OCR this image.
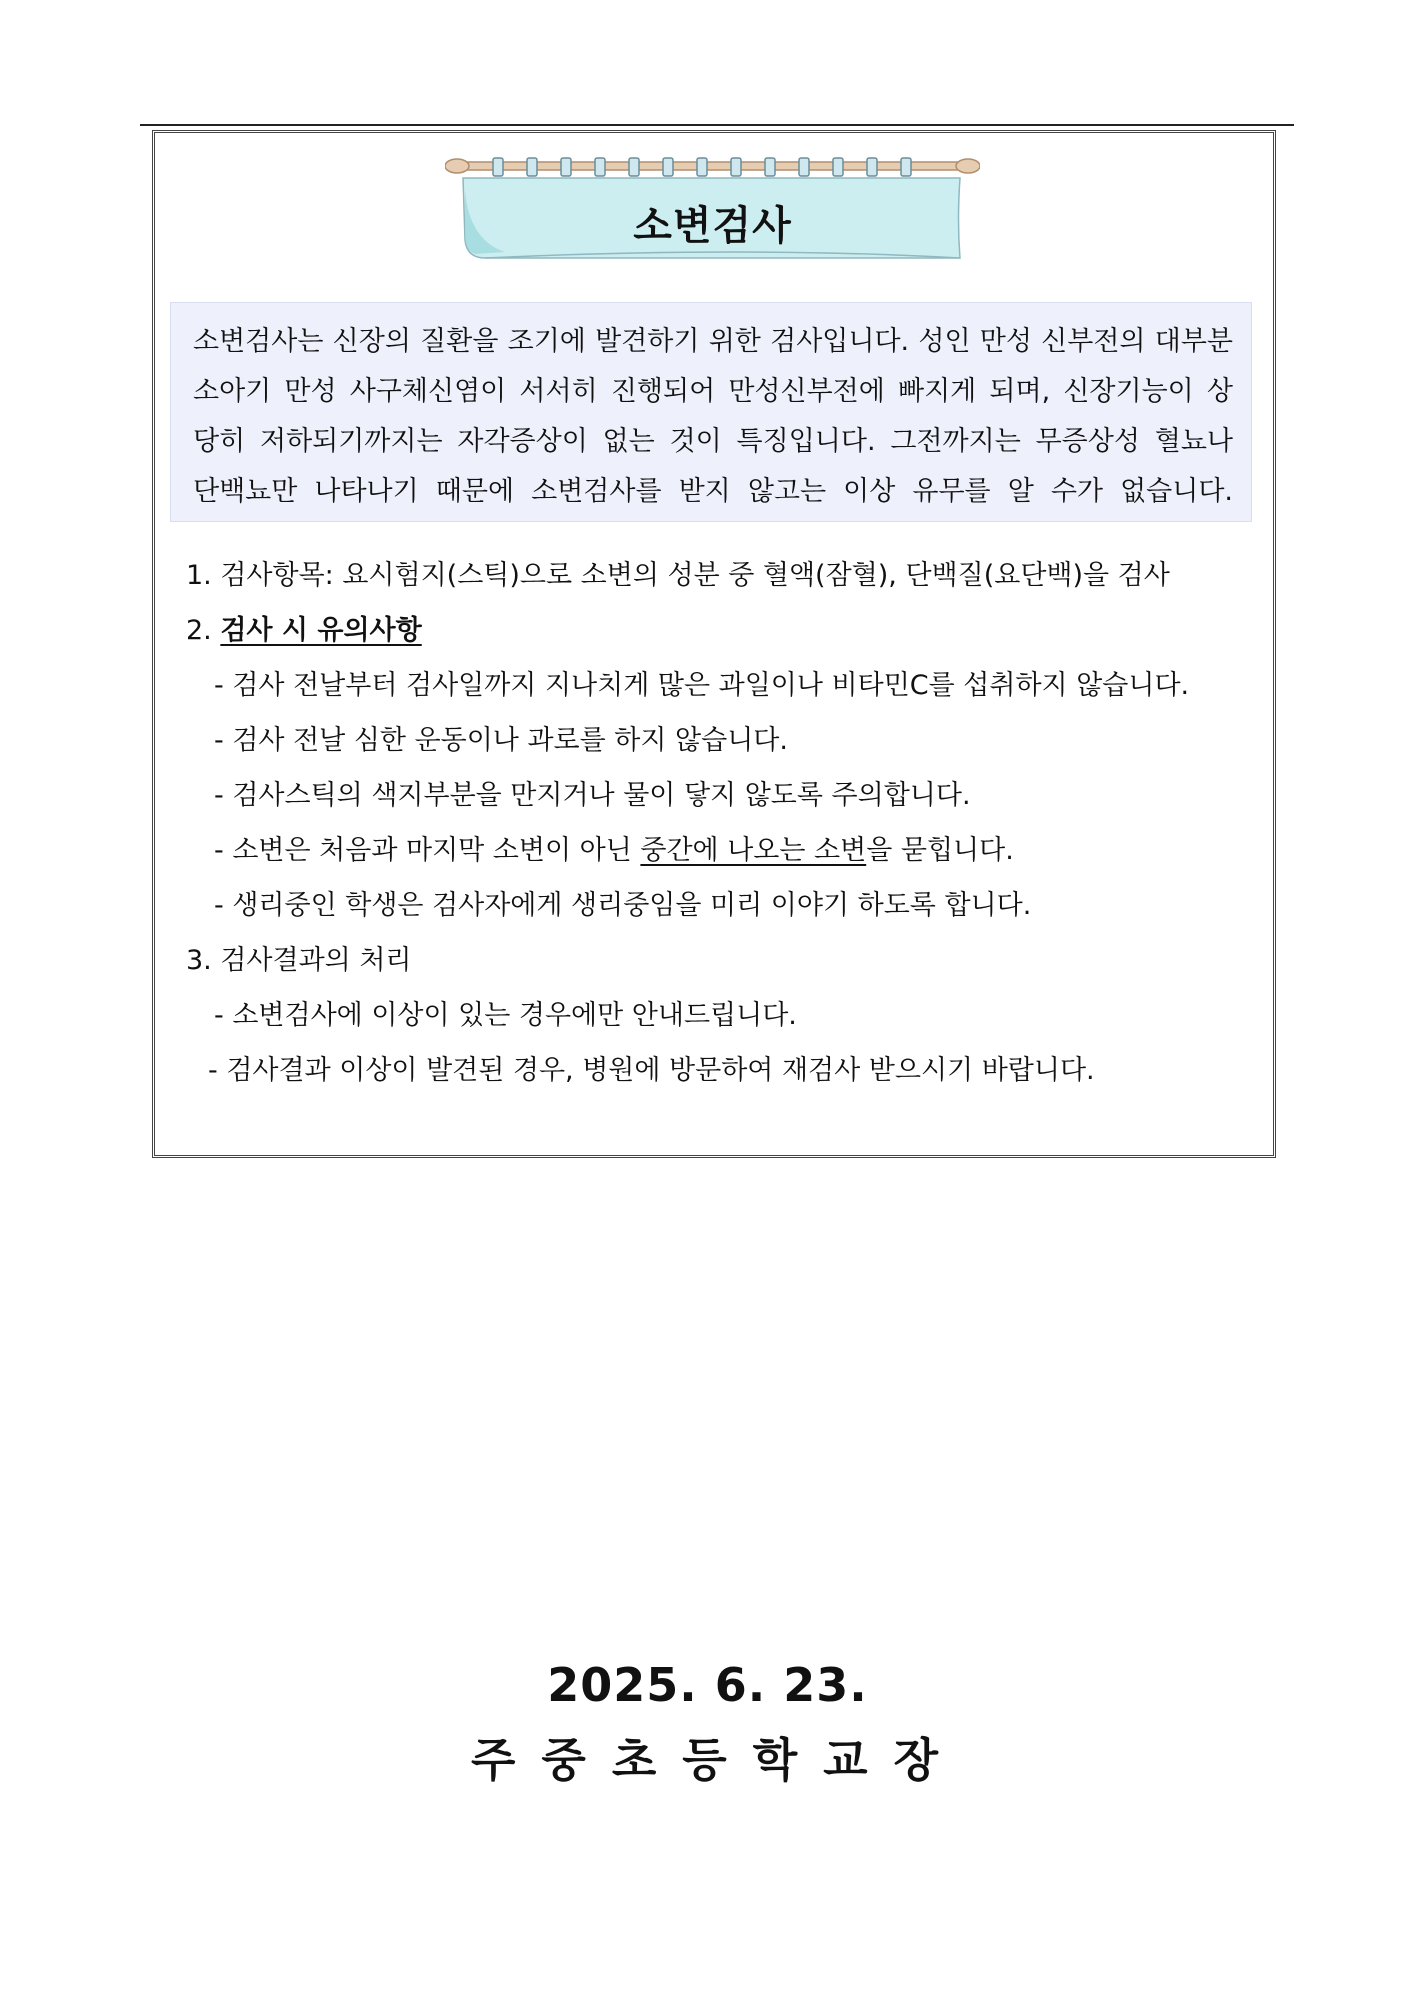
소변검사
소변검사는 신장의 질환을 조기에 발견하기 위한 검사입니다. 성인 만성 신부전의 대부분
소아기 만성 사구체신염이 서서히 진행되어 만성신부전에 빠지게 되며, 신장기능이 상
당히 저하되기까지는 자각증상이 없는 것이 특징입니다. 그전까지는 무증상성 혈뇨나
단백뇨만 나타나기 때문에 소변검사를 받지 않고는 이상 유무를 알 수가 없습니다.
1. 검사항목: 요시험지(스틱)으로 소변의 성분 중 혈액(잠혈), 단백질(요단백)을 검사
2. 검사 시 유의사항
- 검사 전날부터 검사일까지 지나치게 많은 과일이나 비타민C를 섭취하지 않습니다.
- 검사 전날 심한 운동이나 과로를 하지 않습니다.
- 검사스틱의 색지부분을 만지거나 물이 닿지 않도록 주의합니다.
- 소변은 처음과 마지막 소변이 아닌 중간에 나오는 소변을 묻힙니다.
- 생리중인 학생은 검사자에게 생리중임을 미리 이야기 하도록 합니다.
3. 검사결과의 처리
- 소변검사에 이상이 있는 경우에만 안내드립니다.
- 검사결과 이상이 발견된 경우, 병원에 방문하여 재검사 받으시기 바랍니다.
2025. 6. 23.
주중초등학교장
